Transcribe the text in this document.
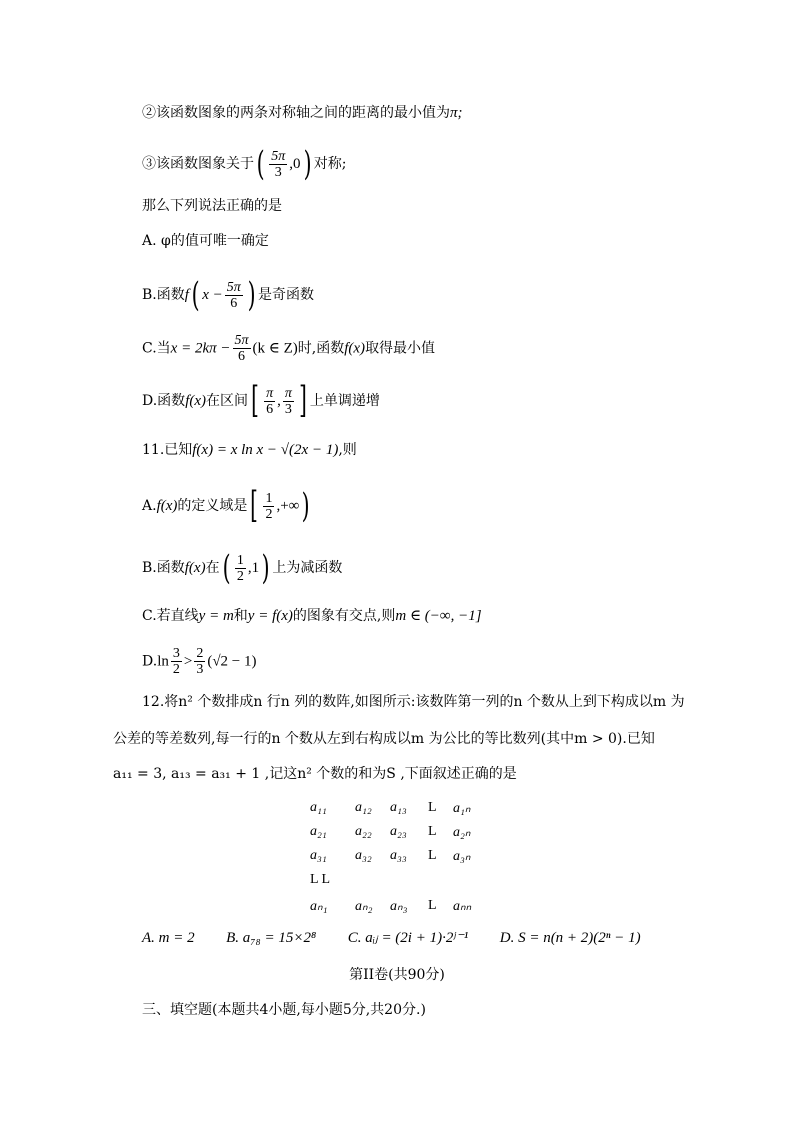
②该函数图象的两条对称轴之间的距离的最小值为π;
③该函数图象关于( $\frac{5\pi}{3} ,0$) 对称;
那么下列说法正确的是
A. φ的值可唯一确定
B.函数f( $x - \frac{5\pi}{6}$ ) 是奇函数
C.当$x = 2k\pi - \frac{5\pi}{6} (k$ ∈ Z)时,函数f(x)取得最小值
D.函数f(x)在区间[ $\frac{\pi}{6}$ , $\frac{\pi}{3}$ ] 上单调递增
11.已知f(x) = x ln x − √(2x − 1),则
A.f(x)的定义域是[ $\frac{1}{2}$ ,+∞)
B.函数f(x)在( $\frac{1}{2} ,1$) 上为减函数
C.若直线y = m和y = f(x)的图象有交点,则m ∈ (−∞, −1]
$D.\ln \frac{3}{2} > \frac{2}{3} (√2 - 1)$
12.将n² 个数排成n 行n 列的数阵,如图所示:该数阵第一列的n 个数从上到下构成以m 为
公差的等差数列,每一行的n 个数从左到右构成以m 为公比的等比数列(其中m > 0).已知
a₁₁ = 3, a₁₃ = a₃₁ + 1 ,记这n² 个数的和为S ,下面叙述正确的是
a₁₁ a₁₂ a₁₃ L a₁ₙ
a₂₁ a₂₂ a₂₃ L a₂ₙ
a₃₁ a₃₂ a₃₃ L a₃ₙ
L L
aₙ₁ aₙ₂ aₙ₃ L aₙₙ
A. m = 2 B. a₇₈ = 15×2⁸ C. aᵢⱼ = (2i + 1)·2ʲ⁻¹ D. S = n(n + 2)(2ⁿ − 1)
第II卷(共90分)
三、填空题(本题共4小题,每小题5分,共20分.)
